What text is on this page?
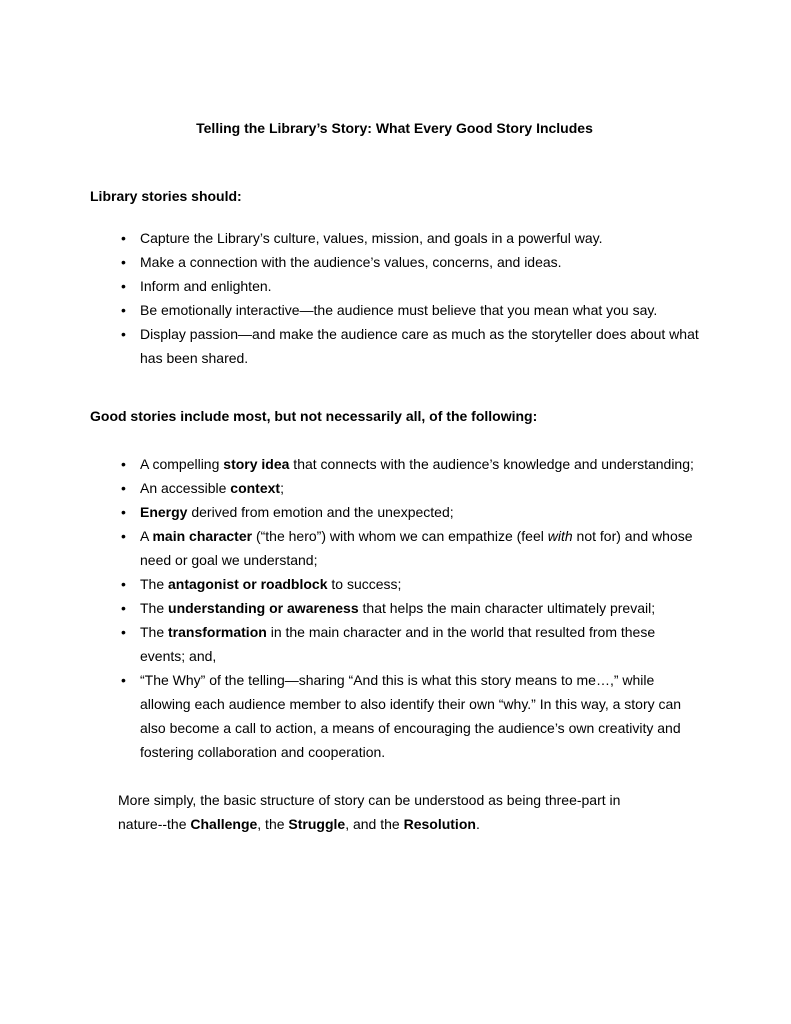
Telling the Library’s Story: What Every Good Story Includes
Library stories should:
• Capture the Library’s culture, values, mission, and goals in a powerful way.
• Make a connection with the audience’s values, concerns, and ideas.
• Inform and enlighten.
• Be emotionally interactive—the audience must believe that you mean what you say.
• Display passion—and make the audience care as much as the storyteller does about what has been shared.
Good stories include most, but not necessarily all, of the following:
• A compelling story idea that connects with the audience’s knowledge and understanding;
• An accessible context;
• Energy derived from emotion and the unexpected;
• A main character (“the hero”) with whom we can empathize (feel with not for) and whose need or goal we understand;
• The antagonist or roadblock to success;
• The understanding or awareness that helps the main character ultimately prevail;
• The transformation in the main character and in the world that resulted from these events; and,
• “The Why” of the telling—sharing “And this is what this story means to me…,” while allowing each audience member to also identify their own “why.” In this way, a story can also become a call to action, a means of encouraging the audience’s own creativity and fostering collaboration and cooperation.

More simply, the basic structure of story can be understood as being three-part in nature--the Challenge, the Struggle, and the Resolution.
